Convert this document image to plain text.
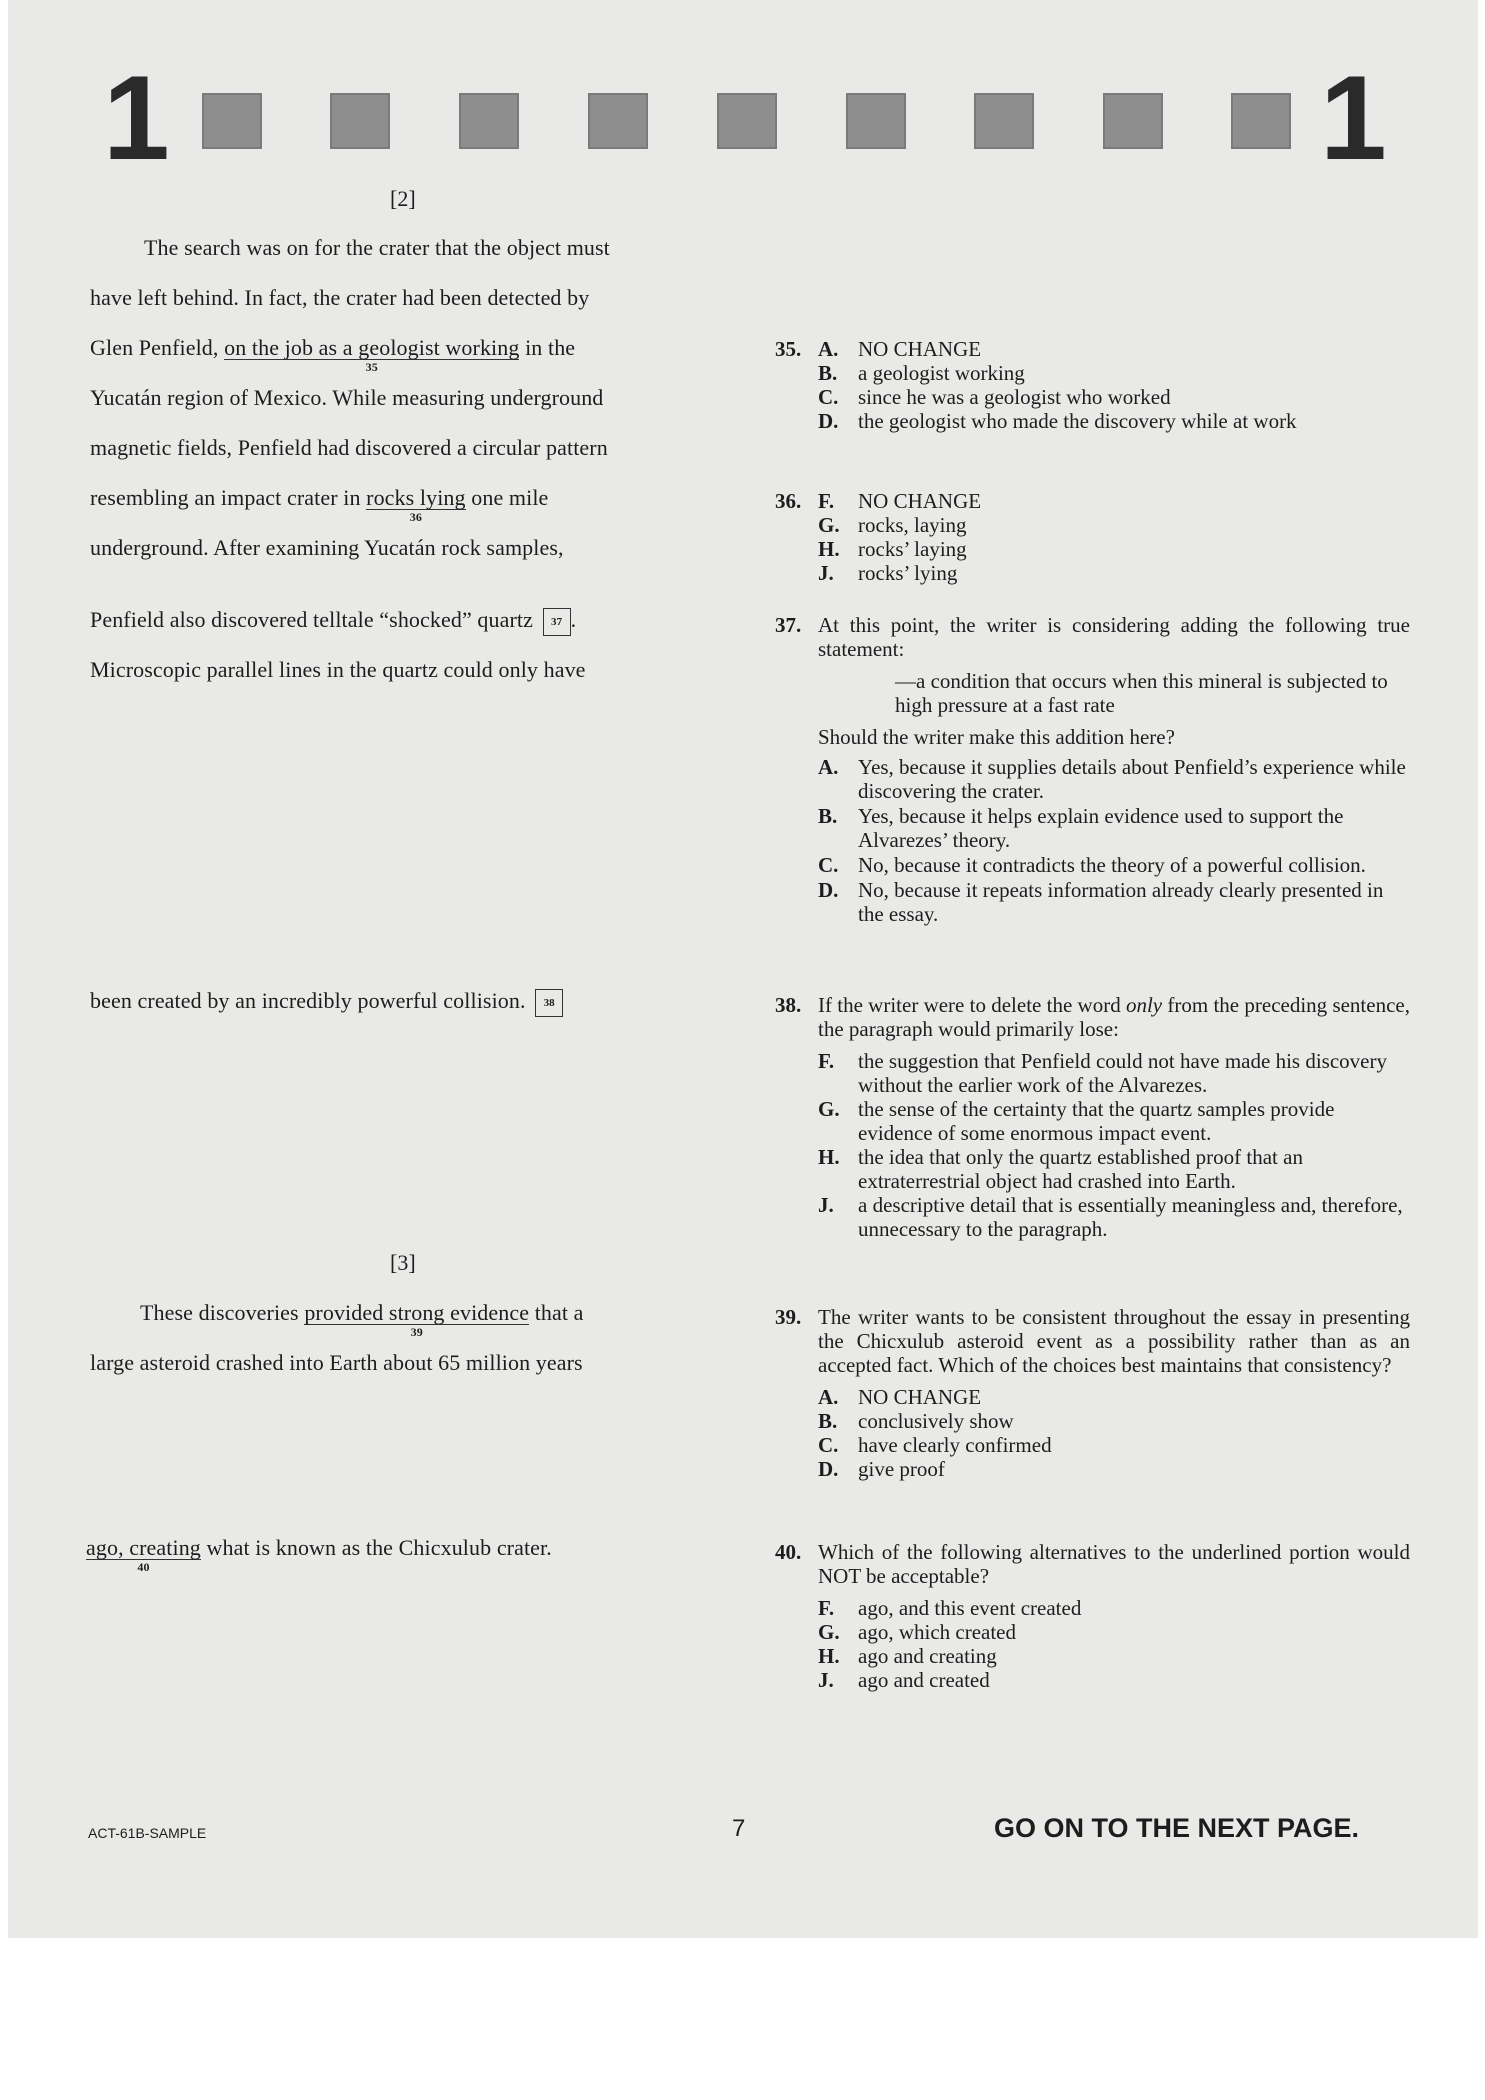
1	1
[2]
The search was on for the crater that the object must
have left behind. In fact, the crater had been detected by
Glen Penfield, on the job as a geologist working
35
in the
Yucatán region of Mexico. While measuring underground
magnetic fields, Penfield had discovered a circular pattern
resembling an impact crater in rocks lying
36
one mile
underground. After examining Yucatán rock samples,
Penfield also discovered telltale “shocked” quartz 37 .
Microscopic parallel lines in the quartz could only have
been created by an incredibly powerful collision. 38
[3]
These discoveries provided strong evidence
39
that a
large asteroid crashed into Earth about 65 million years
ago, creating
40
what is known as the Chicxulub crater.
35. A. NO CHANGE
B. a geologist working
C. since he was a geologist who worked
D. the geologist who made the discovery while at work
36. F.	NO CHANGE
G. rocks, laying
H. rocks’ laying
J.	rocks’ lying
37. At this point, the writer is considering adding the following true statement:
—a condition that occurs when this mineral is subjected to high pressure at a fast rate
Should the writer make this addition here?
A. Yes, because it supplies details about Penfield’s experience while discovering the crater.
B. Yes, because it helps explain evidence used to support the Alvarezes’ theory.
C. No, because it contradicts the theory of a powerful collision.
D. No, because it repeats information already clearly presented in the essay.
38. If the writer were to delete the word only from the preceding sentence, the paragraph would primarily lose:
F.	the suggestion that Penfield could not have made his discovery without the earlier work of the Alvarezes.
G. the sense of the certainty that the quartz samples provide evidence of some enormous impact event.
H. the idea that only the quartz established proof that an extraterrestrial object had crashed into Earth.
J.	a descriptive detail that is essentially meaningless and, therefore, unnecessary to the paragraph.
39. The writer wants to be consistent throughout the essay in presenting the Chicxulub asteroid event as a possibility rather than as an accepted fact. Which of the choices best maintains that consistency?
A. NO CHANGE
B. conclusively show
C. have clearly confirmed
D. give proof
40. Which of the following alternatives to the underlined portion would NOT be acceptable?
F.	ago, and this event created
G. ago, which created
H. ago and creating
J.	ago and created
ACT-61B-SAMPLE	7	GO ON TO THE NEXT PAGE.
